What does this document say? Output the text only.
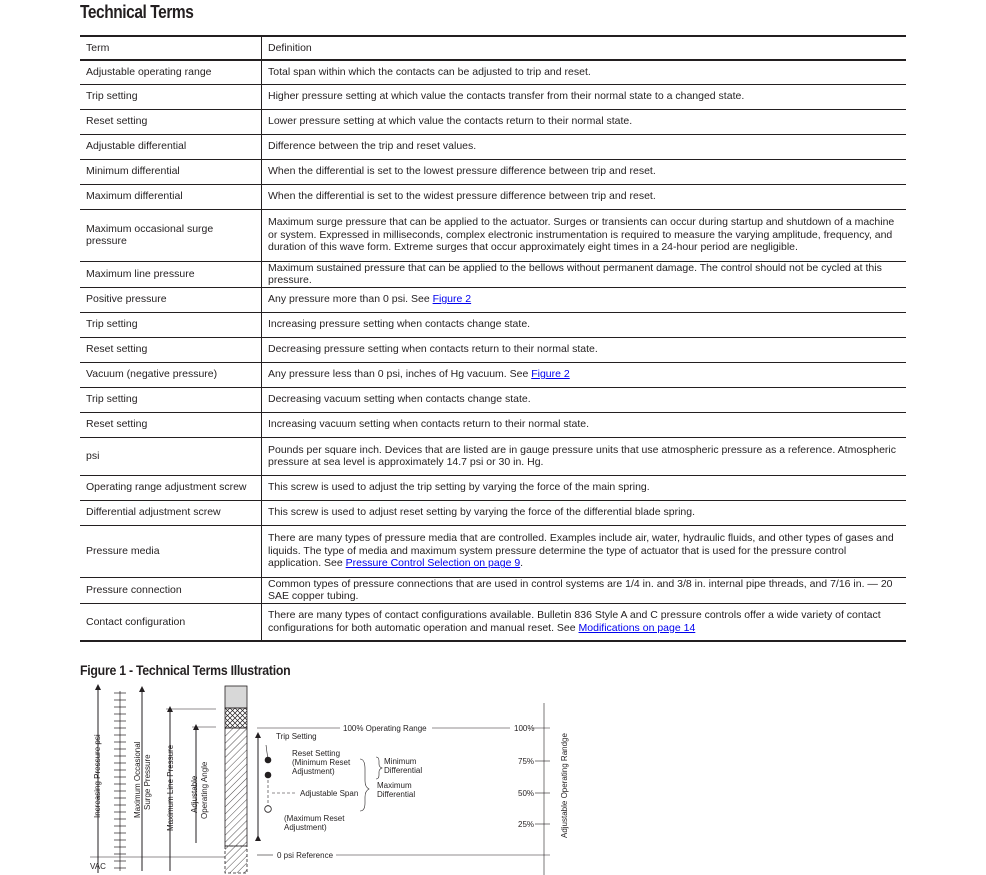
Technical Terms
Term	Definition
Adjustable operating range	Total span within which the contacts can be adjusted to trip and reset.
Trip setting	Higher pressure setting at which value the contacts transfer from their normal state to a changed state.
Reset setting	Lower pressure setting at which value the contacts return to their normal state.
Adjustable differential	Difference between the trip and reset values.
Minimum differential	When the differential is set to the lowest pressure difference between trip and reset.
Maximum differential	When the differential is set to the widest pressure difference between trip and reset.
Maximum occasional surge pressure	Maximum surge pressure that can be applied to the actuator. Surges or transients can occur during startup and shutdown of a machine or system. Expressed in milliseconds, complex electronic instrumentation is required to measure the varying amplitude, frequency, and duration of this wave form. Extreme surges that occur approximately eight times in a 24-hour period are negligible.
Maximum line pressure	Maximum sustained pressure that can be applied to the bellows without permanent damage. The control should not be cycled at this pressure.
Positive pressure	Any pressure more than 0 psi. See Figure 2
Trip setting	Increasing pressure setting when contacts change state.
Reset setting	Decreasing pressure setting when contacts return to their normal state.
Vacuum (negative pressure)	Any pressure less than 0 psi, inches of Hg vacuum. See Figure 2
Trip setting	Decreasing vacuum setting when contacts change state.
Reset setting	Increasing vacuum setting when contacts return to their normal state.
psi	Pounds per square inch. Devices that are listed are in gauge pressure units that use atmospheric pressure as a reference. Atmospheric pressure at sea level is approximately 14.7 psi or 30 in. Hg.
Operating range adjustment screw	This screw is used to adjust the trip setting by varying the force of the main spring.
Differential adjustment screw	This screw is used to adjust reset setting by varying the force of the differential blade spring.
Pressure media	There are many types of pressure media that are controlled. Examples include air, water, hydraulic fluids, and other types of gases and liquids. The type of media and maximum system pressure determine the type of actuator that is used for the pressure control application. See Pressure Control Selection on page 9.
Pressure connection	Common types of pressure connections that are used in control systems are 1/4 in. and 3/8 in. internal pipe threads, and 7/16 in. — 20 SAE copper tubing.
Contact configuration	There are many types of contact configurations available. Bulletin 836 Style A and C pressure controls offer a wide variety of contact configurations for both automatic operation and manual reset. See Modifications on page 14
Figure 1 - Technical Terms Illustration
Increasing Pressure psi	Maximum Occasional Surge Pressure Maximum Line Pressure Adjustable Operating Angle
100% Operating Range	100%
Trip Setting
Reset Setting
(Minimum Reset
Adjustment)
Adjustable Span
(Maximum Reset
Adjustment)
Minimum
Differential
Maximum
Differential
75%
50%
25%	Adjustable Operating Randge
0 psi Reference
VAC
